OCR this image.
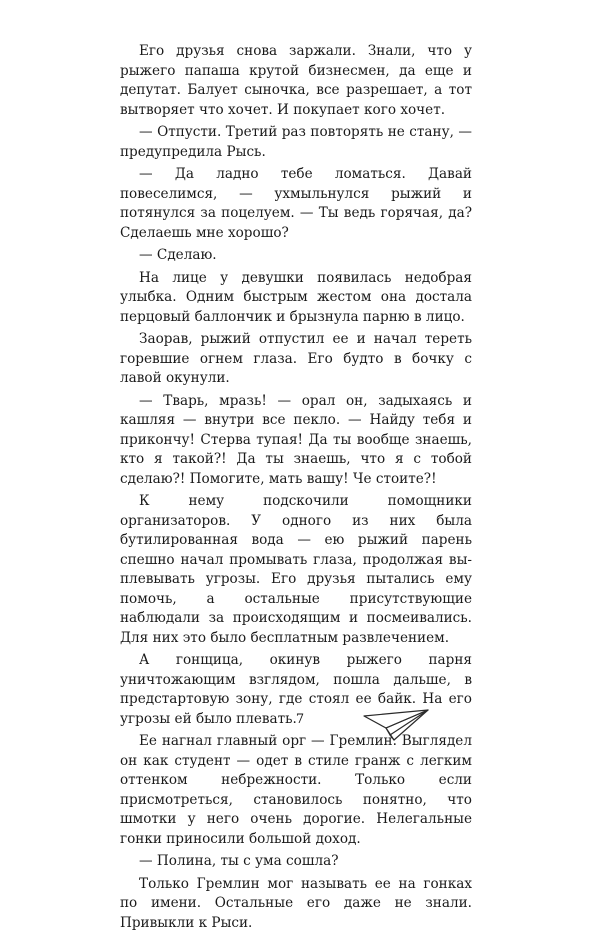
Его друзья снова заржали. Знали, что у рыжего папаша крутой бизнесмен, да еще и депутат. Балует сыночка, все разрешает, а тот вытворяет что хочет. И покупает кого хочет.

— Отпусти. Третий раз повторять не стану, — предупредила Рысь.

— Да ладно тебе ломаться. Давай повеселимся, — ухмыльнулся рыжий и потянулся за поцелуем. — Ты ведь горячая, да? Сделаешь мне хорошо?

— Сделаю.

На лице у девушки появилась недобрая улыбка. Одним быстрым жестом она достала перцовый баллончик и брызнула парню в лицо.

Заорав, рыжий отпустил ее и начал тереть горевшие огнем глаза. Его будто в бочку с лавой окунули.

— Тварь, мразь! — орал он, задыхаясь и кашляя — внутри все пекло. — Найду тебя и прикончу! Стерва тупая! Да ты вообще знаешь, кто я такой?! Да ты знаешь, что я с тобой сделаю?! Помогите, мать вашу! Че стоите?!

К нему подскочили помощники организаторов. У одного из них была бутилированная вода — ею рыжий парень спешно начал промывать глаза, продолжая выплевывать угрозы. Его друзья пытались ему помочь, а остальные присутствующие наблюдали за происходящим и посмеивались. Для них это было бесплатным развлечением.

А гонщица, окинув рыжего парня уничтожающим взглядом, пошла дальше, в предстартовую зону, где стоял ее байк. На его угрозы ей было плевать.

Ее нагнал главный орг — Гремлин. Выглядел он как студент — одет в стиле гранж с легким оттенком небрежности. Только если присмотреться, становилось понятно, что шмотки у него очень дорогие. Нелегальные гонки приносили большой доход.

— Полина, ты с ума сошла?

Только Гремлин мог называть ее на гонках по имени. Остальные его даже не знали. Привыкли к Рыси.

7
